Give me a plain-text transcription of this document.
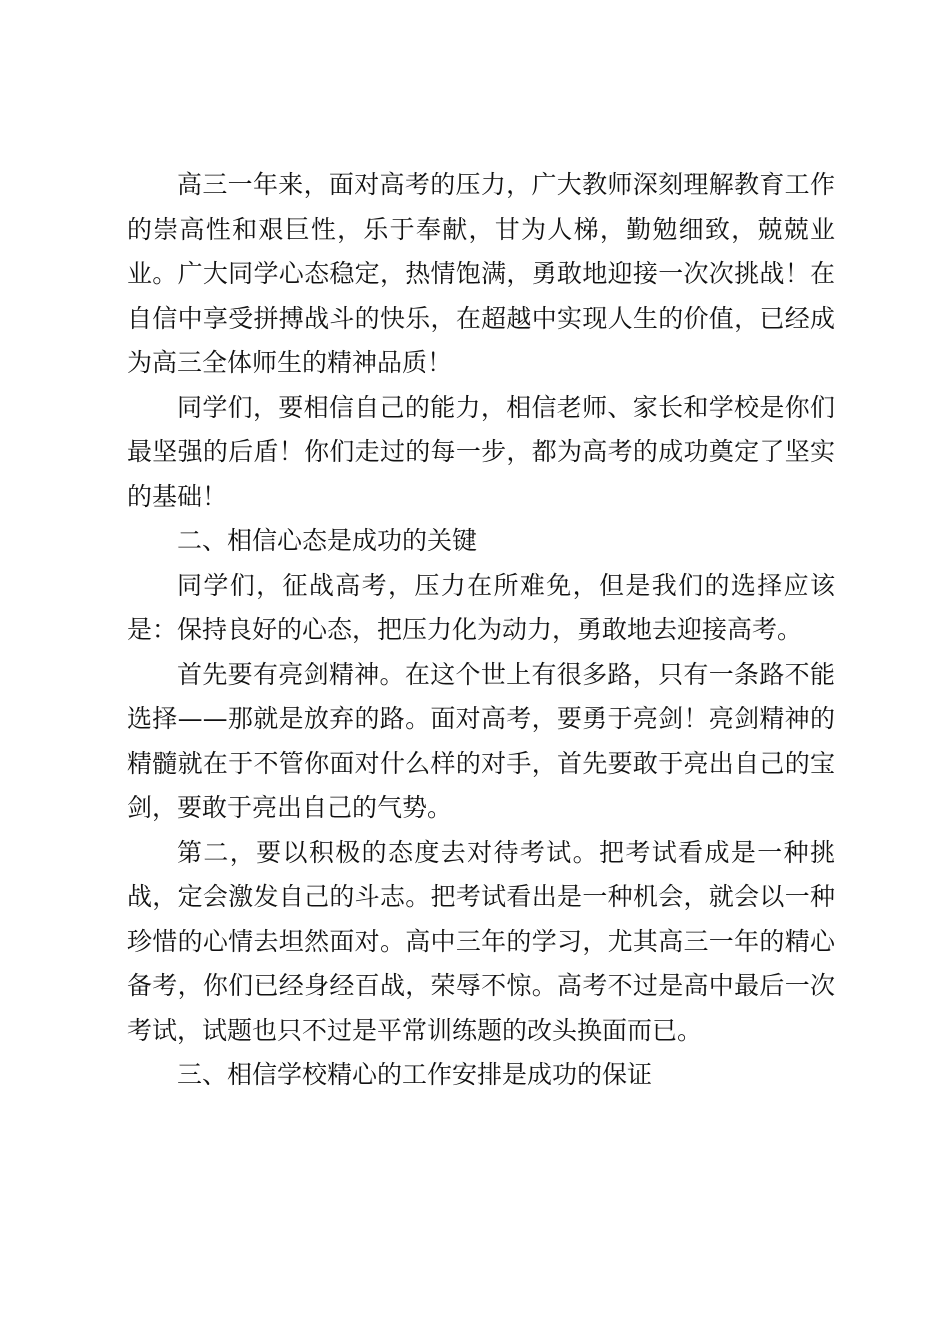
高三一年来，面对高考的压力，广大教师深刻理解教育工作的崇高性和艰巨性，乐于奉献，甘为人梯，勤勉细致，兢兢业业。广大同学心态稳定，热情饱满，勇敢地迎接一次次挑战！在自信中享受拼搏战斗的快乐，在超越中实现人生的价值，已经成为高三全体师生的精神品质！

同学们，要相信自己的能力，相信老师、家长和学校是你们最坚强的后盾！你们走过的每一步，都为高考的成功奠定了坚实的基础！

二、相信心态是成功的关键

同学们，征战高考，压力在所难免，但是我们的选择应该是：保持良好的心态，把压力化为动力，勇敢地去迎接高考。

首先要有亮剑精神。在这个世上有很多路，只有一条路不能选择——那就是放弃的路。面对高考，要勇于亮剑！亮剑精神的精髓就在于不管你面对什么样的对手，首先要敢于亮出自己的宝剑，要敢于亮出自己的气势。

第二，要以积极的态度去对待考试。把考试看成是一种挑战，定会激发自己的斗志。把考试看出是一种机会，就会以一种珍惜的心情去坦然面对。高中三年的学习，尤其高三一年的精心备考，你们已经身经百战，荣辱不惊。高考不过是高中最后一次考试，试题也只不过是平常训练题的改头换面而已。

三、相信学校精心的工作安排是成功的保证
